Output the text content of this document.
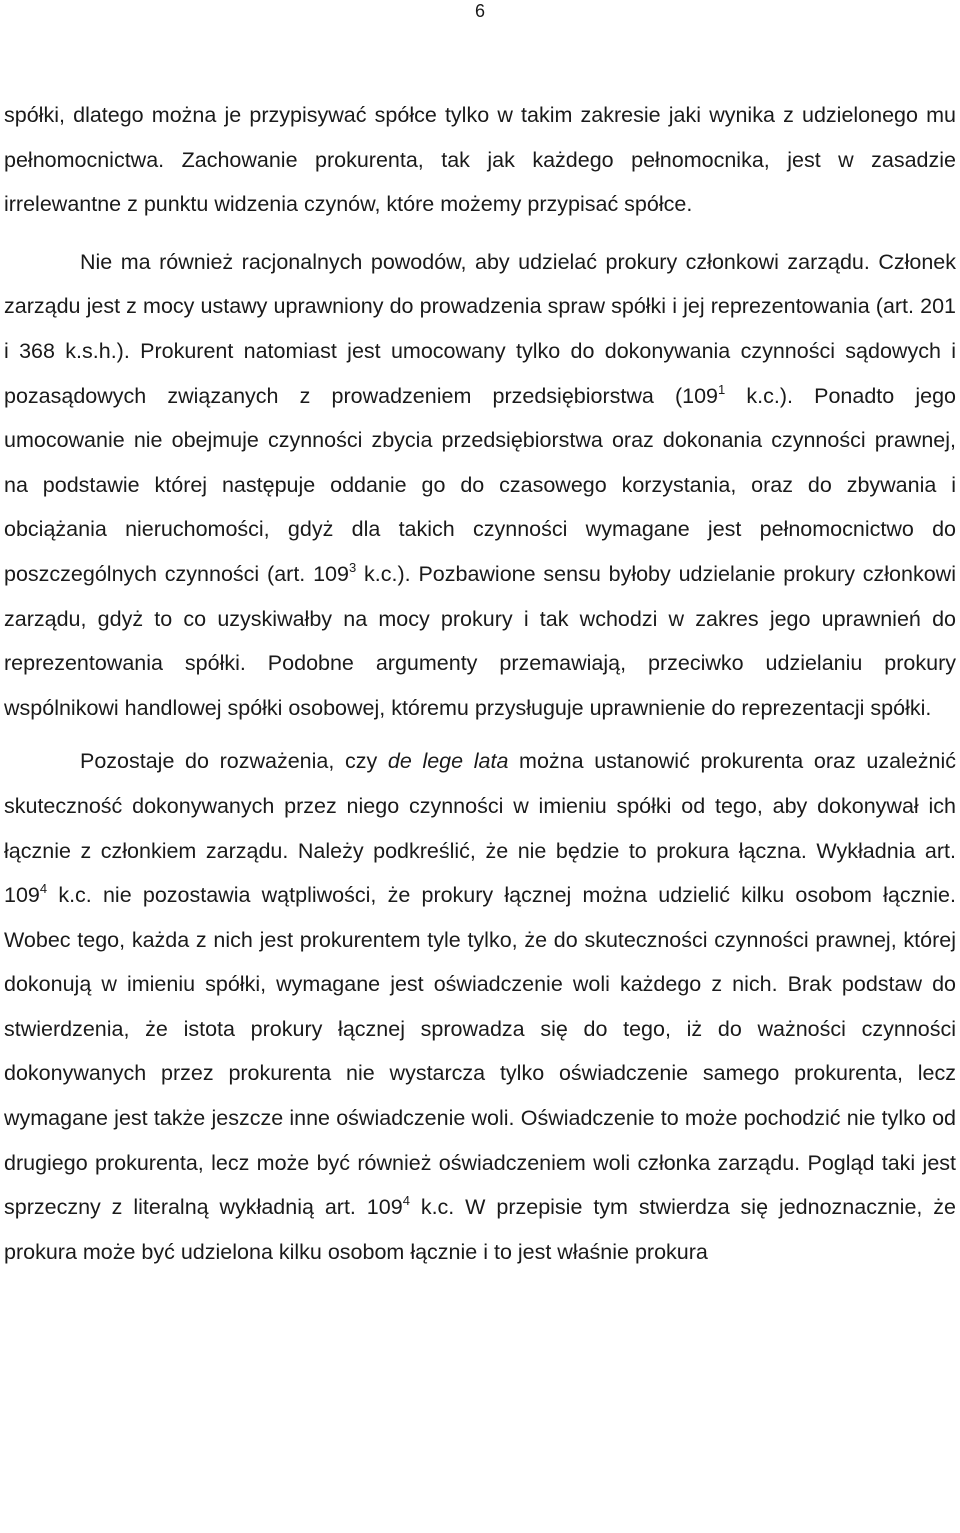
6

spółki, dlatego można je przypisywać spółce tylko w takim zakresie jaki wynika z udzielonego mu pełnomocnictwa. Zachowanie prokurenta, tak jak każdego pełnomocnika, jest w zasadzie irrelewantne z punktu widzenia czynów, które możemy przypisać spółce.

Nie ma również racjonalnych powodów, aby udzielać prokury członkowi zarządu. Członek zarządu jest z mocy ustawy uprawniony do prowadzenia spraw spółki i jej reprezentowania (art. 201 i 368 k.s.h.). Prokurent natomiast jest umocowany tylko do dokonywania czynności sądowych i pozasądowych związanych z prowadzeniem przedsiębiorstwa ($109^1$ k.c.). Ponadto jego umocowanie nie obejmuje czynności zbycia przedsiębiorstwa oraz dokonania czynności prawnej, na podstawie której następuje oddanie go do czasowego korzystania, oraz do zbywania i obciążania nieruchomości, gdyż dla takich czynności wymagane jest pełnomocnictwo do poszczególnych czynności (art. $109^3$ k.c.). Pozbawione sensu byłoby udzielanie prokury członkowi zarządu, gdyż to co uzyskiwałby na mocy prokury i tak wchodzi w zakres jego uprawnień do reprezentowania spółki. Podobne argumenty przemawiają, przeciwko udzielaniu prokury wspólnikowi handlowej spółki osobowej, któremu przysługuje uprawnienie do reprezentacji spółki.

Pozostaje do rozważenia, czy de lege lata można ustanowić prokurenta oraz uzależnić skuteczność dokonywanych przez niego czynności w imieniu spółki od tego, aby dokonywał ich łącznie z członkiem zarządu. Należy podkreślić, że nie będzie to prokura łączna. Wykładnia art. $109^4$ k.c. nie pozostawia wątpliwości, że prokury łącznej można udzielić kilku osobom łącznie. Wobec tego, każda z nich jest prokurentem tyle tylko, że do skuteczności czynności prawnej, której dokonują w imieniu spółki, wymagane jest oświadczenie woli każdego z nich. Brak podstaw do stwierdzenia, że istota prokury łącznej sprowadza się do tego, iż do ważności czynności dokonywanych przez prokurenta nie wystarcza tylko oświadczenie samego prokurenta, lecz wymagane jest także jeszcze inne oświadczenie woli. Oświadczenie to może pochodzić nie tylko od drugiego prokurenta, lecz może być również oświadczeniem woli członka zarządu. Pogląd taki jest sprzeczny z literalną wykładnią art. $109^4$ k.c. W przepisie tym stwierdza się jednoznacznie, że prokura może być udzielona kilku osobom łącznie i to jest właśnie prokura
